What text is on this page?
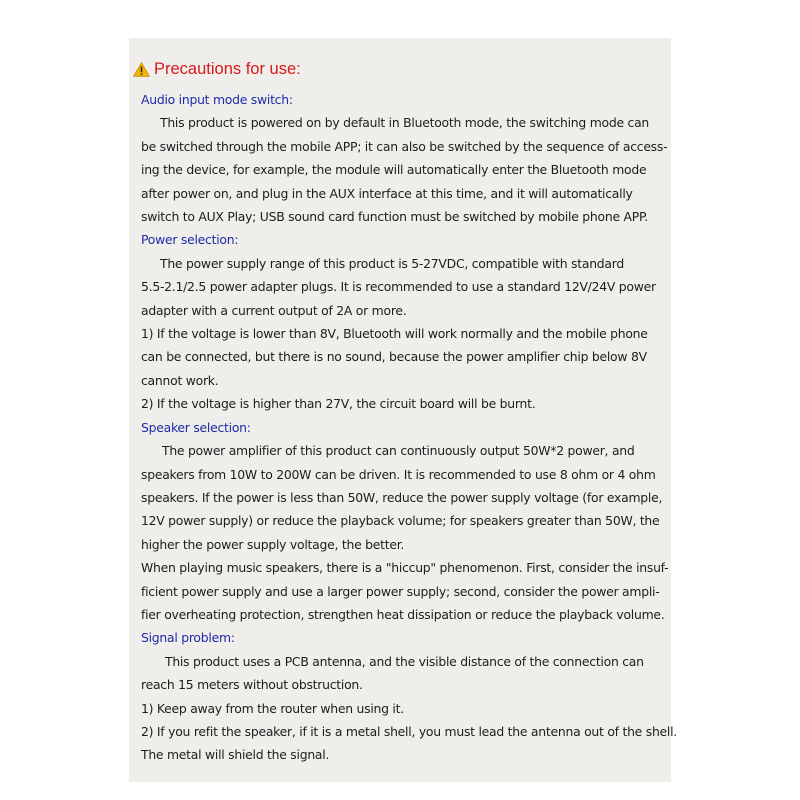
Precautions for use:

Audio input mode switch:

This product is powered on by default in Bluetooth mode, the switching mode can

be switched through the mobile APP; it can also be switched by the sequence of access-

ing the device, for example, the module will automatically enter the Bluetooth mode

after power on, and plug in the AUX interface at this time, and it will automatically

switch to AUX Play; USB sound card function must be switched by mobile phone APP.

Power selection:

The power supply range of this product is 5-27VDC, compatible with standard

5.5-2.1/2.5 power adapter plugs. It is recommended to use a standard 12V/24V power

adapter with a current output of 2A or more.

1) If the voltage is lower than 8V, Bluetooth will work normally and the mobile phone

can be connected, but there is no sound, because the power amplifier chip below 8V

cannot work.

2) If the voltage is higher than 27V, the circuit board will be burnt.

Speaker selection:

The power amplifier of this product can continuously output 50W*2 power, and

speakers from 10W to 200W can be driven. It is recommended to use 8 ohm or 4 ohm

speakers. If the power is less than 50W, reduce the power supply voltage (for example,

12V power supply) or reduce the playback volume; for speakers greater than 50W, the

higher the power supply voltage, the better.

When playing music speakers, there is a "hiccup" phenomenon. First, consider the insuf-

ficient power supply and use a larger power supply; second, consider the power ampli-

fier overheating protection, strengthen heat dissipation or reduce the playback volume.

Signal problem:

This product uses a PCB antenna, and the visible distance of the connection can

reach 15 meters without obstruction.

1) Keep away from the router when using it.

2) If you refit the speaker, if it is a metal shell, you must lead the antenna out of the shell.

The metal will shield the signal.
